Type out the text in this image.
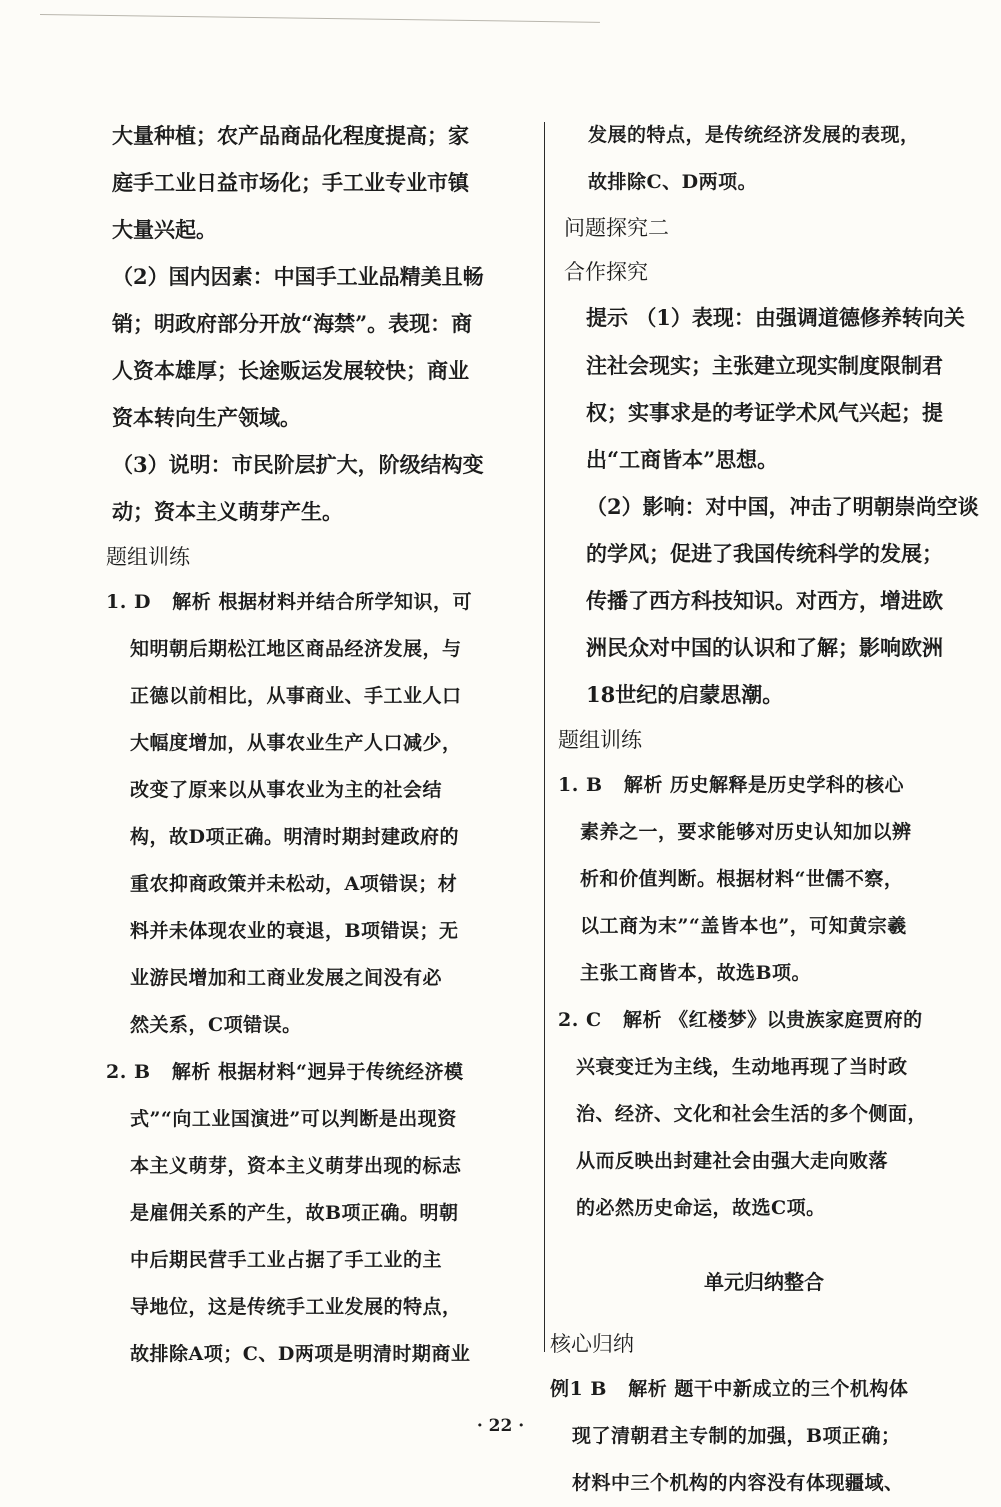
大量种植；农产品商品化程度提高；家

庭手工业日益市场化；手工业专业市镇

大量兴起。

（2）国内因素：中国手工业品精美且畅

销；明政府部分开放“海禁”。表现：商

人资本雄厚；长途贩运发展较快；商业

资本转向生产领域。

（3）说明：市民阶层扩大，阶级结构变

动；资本主义萌芽产生。

题组训练

1. D 解析 根据材料并结合所学知识，可

知明朝后期松江地区商品经济发展，与

正德以前相比，从事商业、手工业人口

大幅度增加，从事农业生产人口减少，

改变了原来以从事农业为主的社会结

构，故D项正确。明清时期封建政府的

重农抑商政策并未松动，A项错误；材

料并未体现农业的衰退，B项错误；无

业游民增加和工商业发展之间没有必

然关系，C项错误。

2. B 解析 根据材料“迥异于传统经济模

式”“向工业国演进”可以判断是出现资

本主义萌芽，资本主义萌芽出现的标志

是雇佣关系的产生，故B项正确。明朝

中后期民营手工业占据了手工业的主

导地位，这是传统手工业发展的特点，

故排除A项；C、D两项是明清时期商业

发展的特点，是传统经济发展的表现，

故排除C、D两项。

问题探究二

合作探究

提示 （1）表现：由强调道德修养转向关

注社会现实；主张建立现实制度限制君

权；实事求是的考证学术风气兴起；提

出“工商皆本”思想。

（2）影响：对中国，冲击了明朝崇尚空谈

的学风；促进了我国传统科学的发展；

传播了西方科技知识。对西方，增进欧

洲民众对中国的认识和了解；影响欧洲

18世纪的启蒙思潮。

题组训练

1. B 解析 历史解释是历史学科的核心

素养之一，要求能够对历史认知加以辨

析和价值判断。根据材料“世儒不察，

以工商为末”“盖皆本也”，可知黄宗羲

主张工商皆本，故选B项。

2. C 解析 《红楼梦》以贵族家庭贾府的

兴衰变迁为主线，生动地再现了当时政

治、经济、文化和社会生活的多个侧面，

从而反映出封建社会由强大走向败落

的必然历史命运，故选C项。

单元归纳整合

核心归纳

例1 B 解析 题干中新成立的三个机构体

现了清朝君主专制的加强，B项正确；

材料中三个机构的内容没有体现疆域、

· 22 ·
